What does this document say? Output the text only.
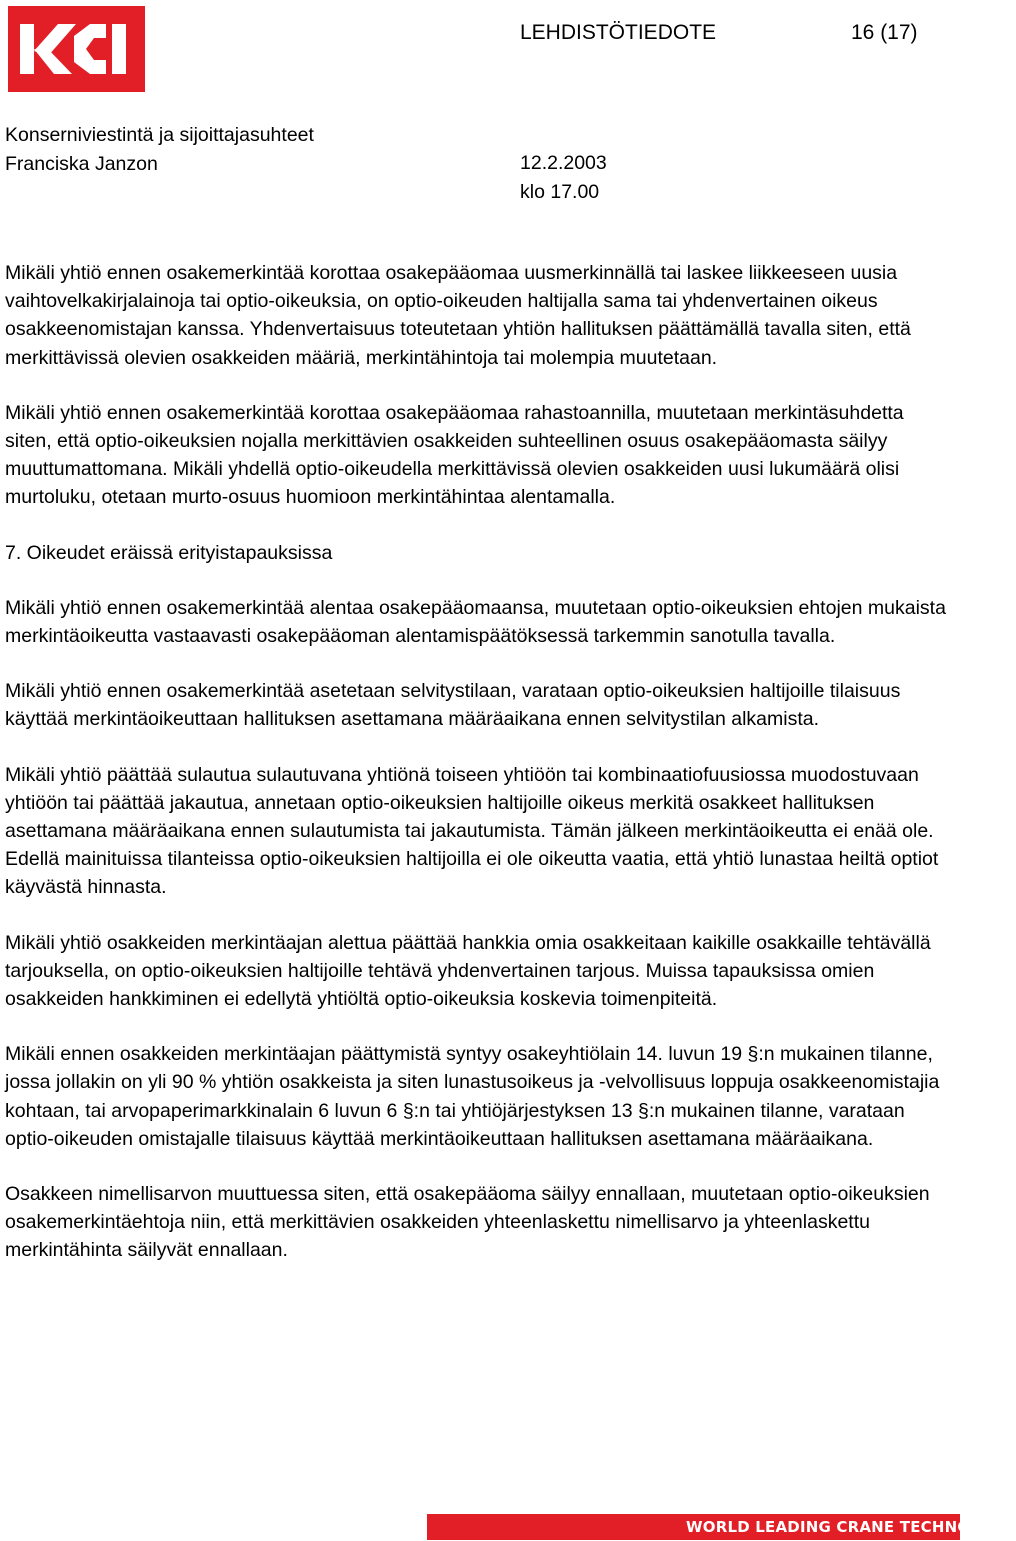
LEHDISTÖTIEDOTE	16 (17)
Konserniviestintä ja sijoittajasuhteet
Franciska Janzon	12.2.2003
klo 17.00

Mikäli yhtiö ennen osakemerkintää korottaa osakepääomaa uusmerkinnällä tai laskee liikkeeseen uusia vaihtovelkakirjalainoja tai optio-oikeuksia, on optio-oikeuden haltijalla sama tai yhdenvertainen oikeus osakkeenomistajan kanssa. Yhdenvertaisuus toteutetaan yhtiön hallituksen päättämällä tavalla siten, että merkittävissä olevien osakkeiden määriä, merkintähintoja tai molempia muutetaan.

Mikäli yhtiö ennen osakemerkintää korottaa osakepääomaa rahastoannilla, muutetaan merkintäsuhdetta siten, että optio-oikeuksien nojalla merkittävien osakkeiden suhteellinen osuus osakepääomasta säilyy muuttumattomana. Mikäli yhdellä optio-oikeudella merkittävissä olevien osakkeiden uusi lukumäärä olisi murtoluku, otetaan murto-osuus huomioon merkintähintaa alentamalla.

7. Oikeudet eräissä erityistapauksissa

Mikäli yhtiö ennen osakemerkintää alentaa osakepääomaansa, muutetaan optio-oikeuksien ehtojen mukaista merkintäoikeutta vastaavasti osakepääoman alentamispäätöksessä tarkemmin sanotulla tavalla.

Mikäli yhtiö ennen osakemerkintää asetetaan selvitystilaan, varataan optio-oikeuksien haltijoille tilaisuus käyttää merkintäoikeuttaan hallituksen asettamana määräaikana ennen selvitystilan alkamista.

Mikäli yhtiö päättää sulautua sulautuvana yhtiönä toiseen yhtiöön tai kombinaatiofuusiossa muodostuvaan yhtiöön tai päättää jakautua, annetaan optio-oikeuksien haltijoille oikeus merkitä osakkeet hallituksen asettamana määräaikana ennen sulautumista tai jakautumista. Tämän jälkeen merkintäoikeutta ei enää ole. Edellä mainituissa tilanteissa optio-oikeuksien haltijoilla ei ole oikeutta vaatia, että yhtiö lunastaa heiltä optiot käyvästä hinnasta.

Mikäli yhtiö osakkeiden merkintäajan alettua päättää hankkia omia osakkeitaan kaikille osakkaille tehtävällä tarjouksella, on optio-oikeuksien haltijoille tehtävä yhdenvertainen tarjous. Muissa tapauksissa omien osakkeiden hankkiminen ei edellytä yhtiöltä optio-oikeuksia koskevia toimenpiteitä.

Mikäli ennen osakkeiden merkintäajan päättymistä syntyy osakeyhtiölain 14. luvun 19 §:n mukainen tilanne, jossa jollakin on yli 90 % yhtiön osakkeista ja siten lunastusoikeus ja -velvollisuus loppuja osakkeenomistajia kohtaan, tai arvopaperimarkkinalain 6 luvun 6 §:n tai yhtiöjärjestyksen 13 §:n mukainen tilanne, varataan optio-oikeuden omistajalle tilaisuus käyttää merkintäoikeuttaan hallituksen asettamana määräaikana.

Osakkeen nimellisarvon muuttuessa siten, että osakepääoma säilyy ennallaan, muutetaan optio-oikeuksien osakemerkintäehtoja niin, että merkittävien osakkeiden yhteenlaskettu nimellisarvo ja yhteenlaskettu merkintähinta säilyvät ennallaan.

WORLD LEADING CRANE TECHNOLOGY
